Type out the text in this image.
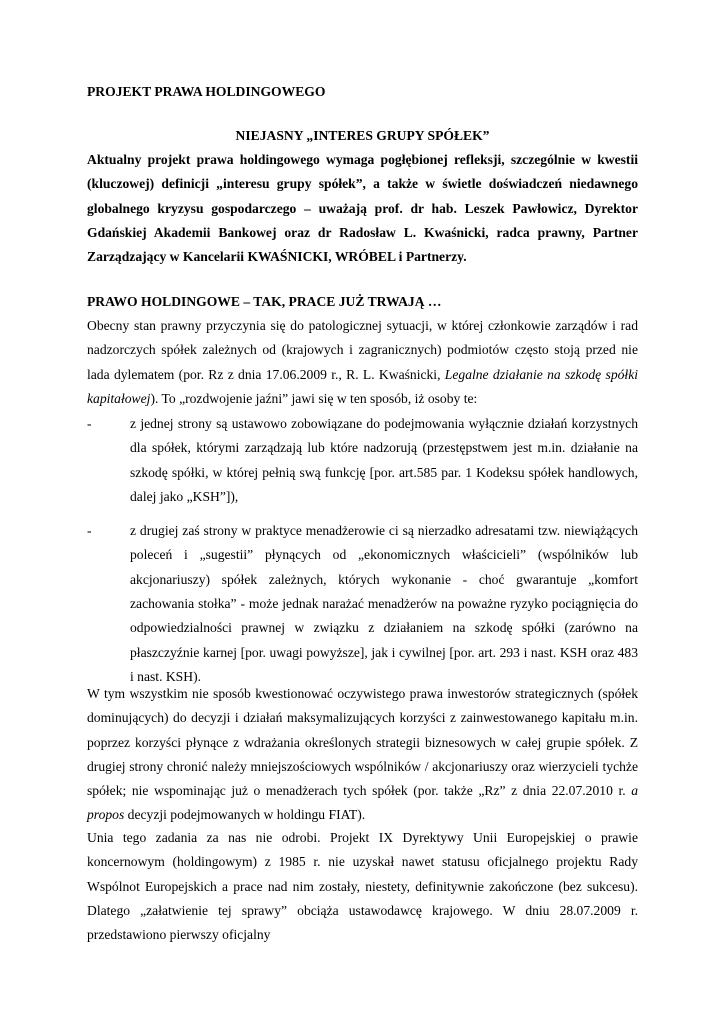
PROJEKT PRAWA HOLDINGOWEGO
NIEJASNY „INTERES GRUPY SPÓŁEK”
Aktualny projekt prawa holdingowego wymaga pogłębionej refleksji, szczególnie w kwestii (kluczowej) definicji „interesu grupy spółek”, a także w świetle doświadczeń niedawnego globalnego kryzysu gospodarczego – uważają prof. dr hab. Leszek Pawłowicz, Dyrektor Gdańskiej Akademii Bankowej oraz dr Radosław L. Kwaśnicki, radca prawny, Partner Zarządzający w Kancelarii KWAŚNICKI, WRÓBEL i Partnerzy.
PRAWO HOLDINGOWE – TAK, PRACE JUŻ TRWAJĄ …

Obecny stan prawny przyczynia się do patologicznej sytuacji, w której członkowie zarządów i rad nadzorczych spółek zależnych od (krajowych i zagranicznych) podmiotów często stoją przed nie lada dylematem (por. Rz z dnia 17.06.2009 r., R. L. Kwaśnicki, Legalne działanie na szkodę spółki kapitałowej). To „rozdwojenie jaźni” jawi się w ten sposób, iż osoby te:

-	z jednej strony są ustawowo zobowiązane do podejmowania wyłącznie działań korzystnych dla spółek, którymi zarządzają lub które nadzorują (przestępstwem jest m.in. działanie na szkodę spółki, w której pełnią swą funkcję [por. art.585 par. 1 Kodeksu spółek handlowych, dalej jako „KSH”]),
-	z drugiej zaś strony w praktyce menadżerowie ci są nierzadko adresatami tzw. niewiążących poleceń i „sugestii” płynących od „ekonomicznych właścicieli” (wspólników lub akcjonariuszy) spółek zależnych, których wykonanie - choć gwarantuje „komfort zachowania stołka” - może jednak narażać menadżerów na poważne ryzyko pociągnięcia do odpowiedzialności prawnej w związku z działaniem na szkodę spółki (zarówno na płaszczyźnie karnej [por. uwagi powyższe], jak i cywilnej [por. art. 293 i nast. KSH oraz 483 i nast. KSH).

W tym wszystkim nie sposób kwestionować oczywistego prawa inwestorów strategicznych (spółek dominujących) do decyzji i działań maksymalizujących korzyści z zainwestowanego kapitału m.in. poprzez korzyści płynące z wdrażania określonych strategii biznesowych w całej grupie spółek. Z drugiej strony chronić należy mniejszościowych wspólników / akcjonariuszy oraz wierzycieli tychże spółek; nie wspominając już o menadżerach tych spółek (por. także „Rz” z dnia 22.07.2010 r. a propos decyzji podejmowanych w holdingu FIAT).

Unia tego zadania za nas nie odrobi. Projekt IX Dyrektywy Unii Europejskiej o prawie koncernowym (holdingowym) z 1985 r. nie uzyskał nawet statusu oficjalnego projektu Rady Wspólnot Europejskich a prace nad nim zostały, niestety, definitywnie zakończone (bez sukcesu). Dlatego „załatwienie tej sprawy” obciąża ustawodawcę krajowego. W dniu 28.07.2009 r. przedstawiono pierwszy oficjalny
